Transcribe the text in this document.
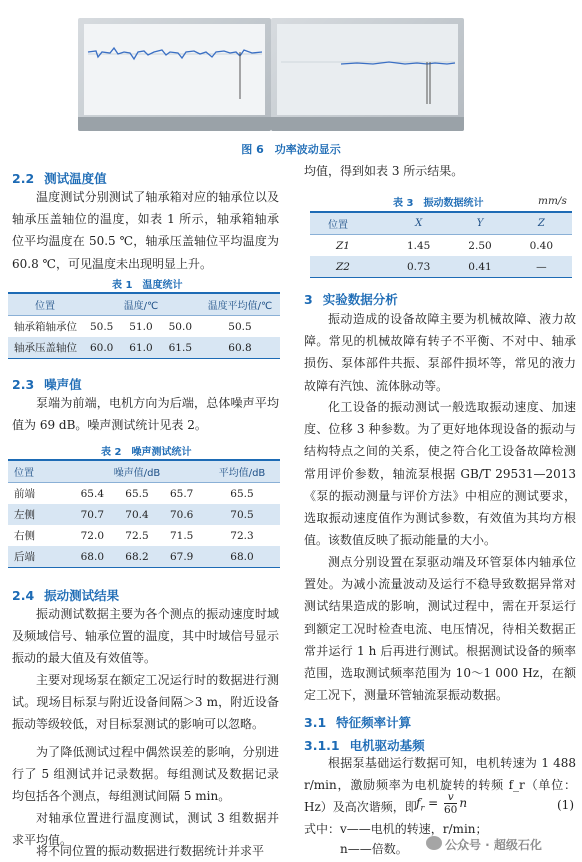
图 6　功率波动显示
2.2 测试温度值
温度测试分别测试了轴承箱对应的轴承位以及轴承压盖轴位的温度，如表 1 所示，轴承箱轴承位平均温度在 50.5 ℃，轴承压盖轴位平均温度为 60.8 ℃，可见温度未出现明显上升。
表 1　温度统计
位置	温度/℃			温度平均值/℃
轴承箱轴承位	50.5	51.0	50.0	50.5
轴承压盖轴位	60.0	61.0	61.5	60.8
2.3 噪声值
泵端为前端，电机方向为后端，总体噪声平均值为 69 dB。噪声测试统计见表 2。
表 2　噪声测试统计
位置	噪声值/dB			平均值/dB
前端	65.4	65.5	65.7	65.5
左侧	70.7	70.4	70.6	70.5
右侧	72.0	72.5	71.5	72.3
后端	68.0	68.2	67.9	68.0
2.4 振动测试结果
振动测试数据主要为各个测点的振动速度时域及频域信号、轴承位置的温度，其中时域信号显示振动的最大值及有效值等。
主要对现场泵在额定工况运行时的数据进行测试。现场目标泵与附近设备间隔＞3 m，附近设备振动等级较低，对目标泵测试的影响可以忽略。
为了降低测试过程中偶然误差的影响，分别进行了 5 组测试并记录数据。每组测试及数据记录均包括各个测点，每组测试间隔 5 min。
对轴承位置进行温度测试，测试 3 组数据并求平均值。
将不同位置的振动数据进行数据统计并求平
均值，得到如表 3 所示结果。
表 3　振动数据统计	mm/s
位置	X	Y	Z
Z1	1.45	2.50	0.40
Z2	0.73	0.41	—
3 实验数据分析
振动造成的设备故障主要为机械故障、液力故障。常见的机械故障有转子不平衡、不对中、轴承损伤、泵体部件共振、泵部件损坏等，常见的液力故障有汽蚀、流体脉动等。
化工设备的振动测试一般选取振动速度、加速度、位移 3 种参数。为了更好地体现设备的振动与结构特点之间的关系，使之符合化工设备故障检测常用评价参数，轴流泵根据 GB/T 29531—2013《泵的振动测量与评价方法》中相应的测试要求，选取振动速度值作为测试参数，有效值为其均方根值。该数值反映了振动能量的大小。
测点分别设置在泵驱动端及环管泵体内轴承位置处。为减小流量波动及运行不稳导致数据异常对测试结果造成的影响，测试过程中，需在开泵运行到额定工况时检查电流、电压情况，待相关数据正常并运行 1 h 后再进行测试。根据测试设备的频率范围，选取测试频率范围为 10～1 000 Hz，在额定工况下，测量环管轴流泵振动数据。
3.1 特征频率计算
3.1.1 电机驱动基频
根据泵基础运行数据可知，电机转速为 1 488 r/min，激励频率为电机旋转的转频 f_r（单位：Hz）及高次谐频，即 $f_r = \frac{v}{60}$ n	(1)
式中：v——电机的转速，r/min；
n——倍数。	公众号 · 超级石化
